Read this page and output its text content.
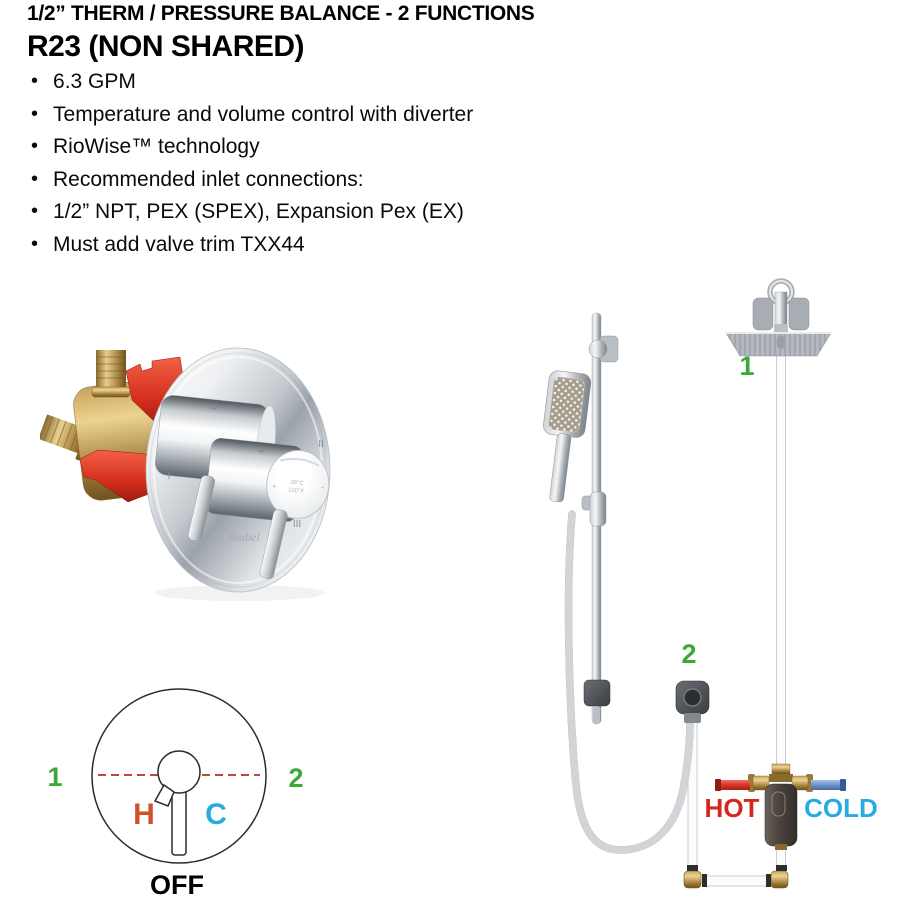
1/2” THERM / PRESSURE BALANCE - 2 FUNCTIONS
R23 (NON SHARED)
• 6.3 GPM
• Temperature and volume control with diverter
• RioWise™ technology
• Recommended inlet connections:
• 1/2” NPT, PEX (SPEX), Expansion Pex (EX)
• Must add valve trim TXX44
38°C
100°F
+	-
I
II
III
Riobel
1	2
H C
OFF
1
2
HOT COLD
